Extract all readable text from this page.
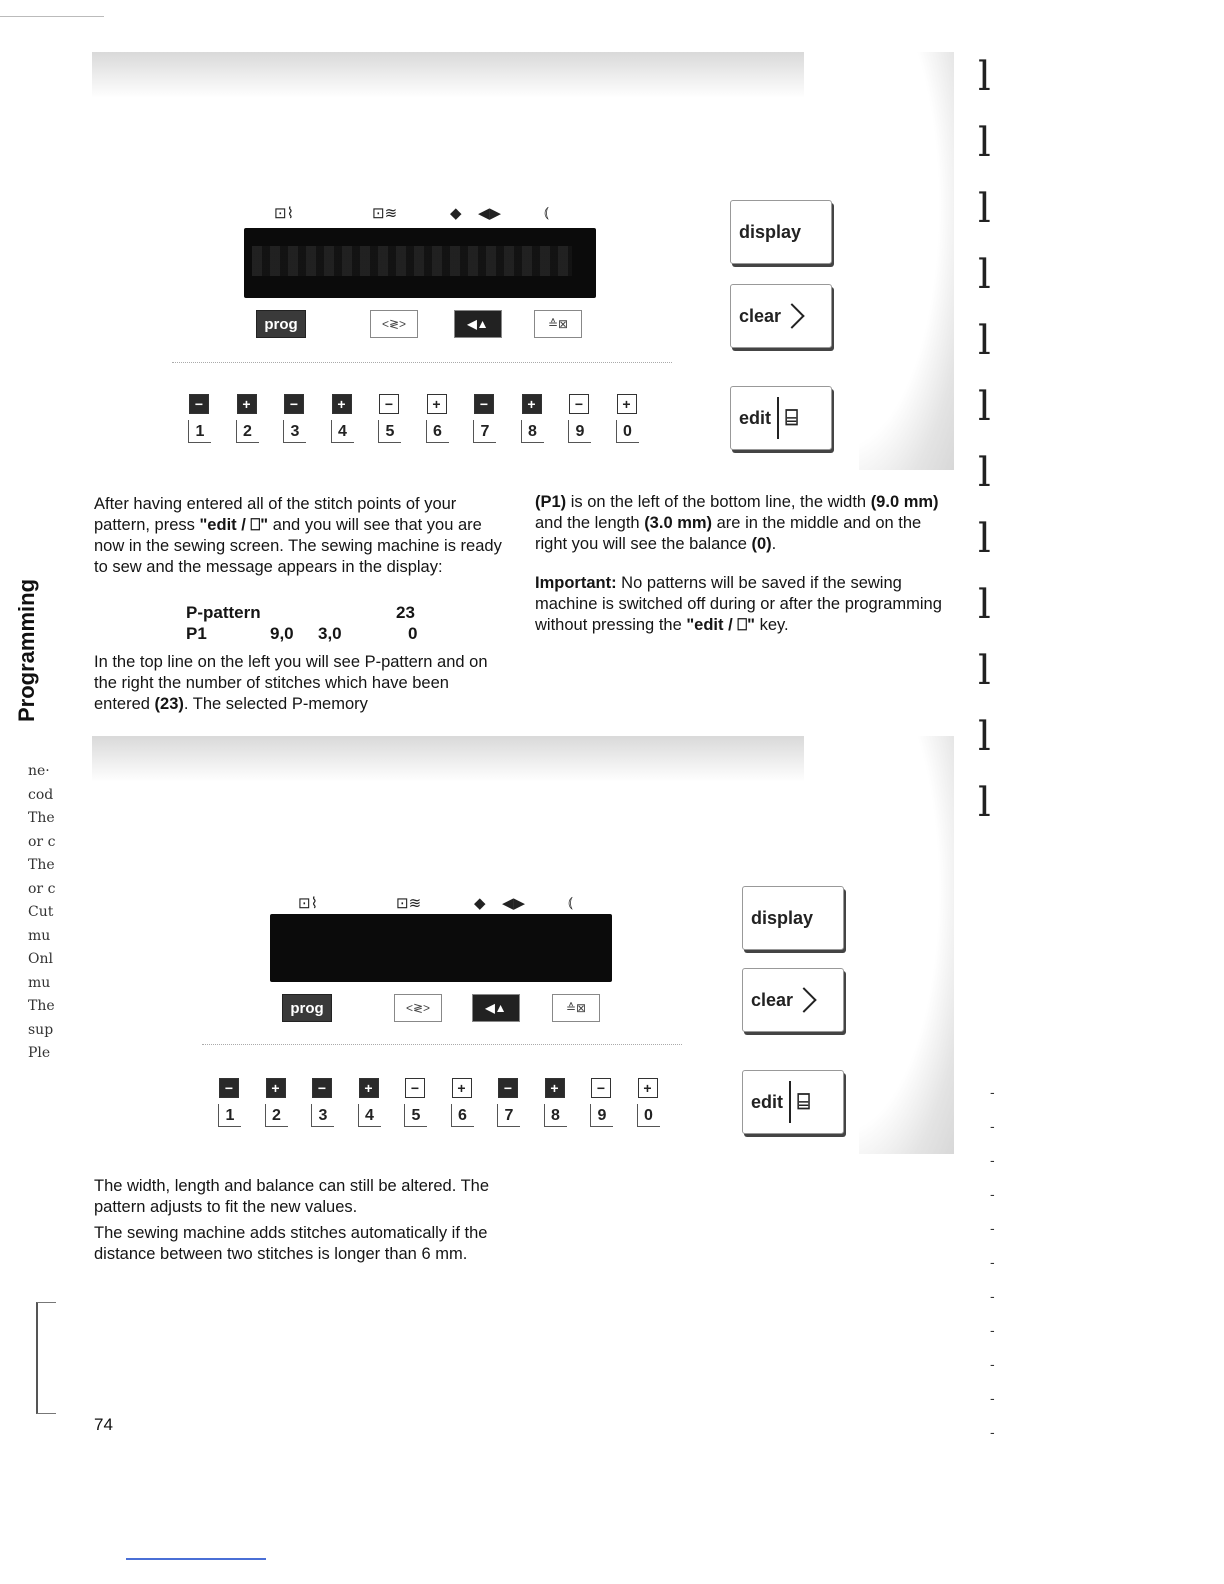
⊡⌇	⊡≋	◆ ◀▶	⦅
prog	<≷>	◀▲	≙⊠
display
clear
edit ⌸
−
1
+
2
−
3
+
4
−
5
+
6
−
7
+
8
−
9
+
0

After having entered all of the stitch points of your pattern, press "edit / ⎕" and you will see that you are now in the sewing screen. The sewing machine is ready to sew and the message appears in the display:

P-pattern	23
P1	9,0 3,0	0

In the top line on the left you will see P-pattern and on the right the number of stitches which have been entered (23). The selected P-memory

(P1) is on the left of the bottom line, the width (9.0 mm) and the length (3.0 mm) are in the middle and on the right you will see the balance (0).

Important: No patterns will be saved if the sewing machine is switched off during or after the programming without pressing the "edit / ⎕" key.

⊡⌇	⊡≋	◆ ◀▶	⦅
prog	<≷>	◀▲	≙⊠
display
clear
edit ⌸
−
1
+
2
−
3
+
4
−
5
+
6
−
7
+
8
−
9
+
0

The width, length and balance can still be altered. The pattern adjusts to fit the new values.

The sewing machine adds stitches automatically if the distance between two stitches is longer than 6 mm.

Programming
ne·
cod
The
or c
The
or c
Cut
mu
Onl
mu
The
sup
Ple
l
l
l
l
l
l
l
l
l
l
l
l
-
-
-
-
-
-
-
-
-
-
-
74
